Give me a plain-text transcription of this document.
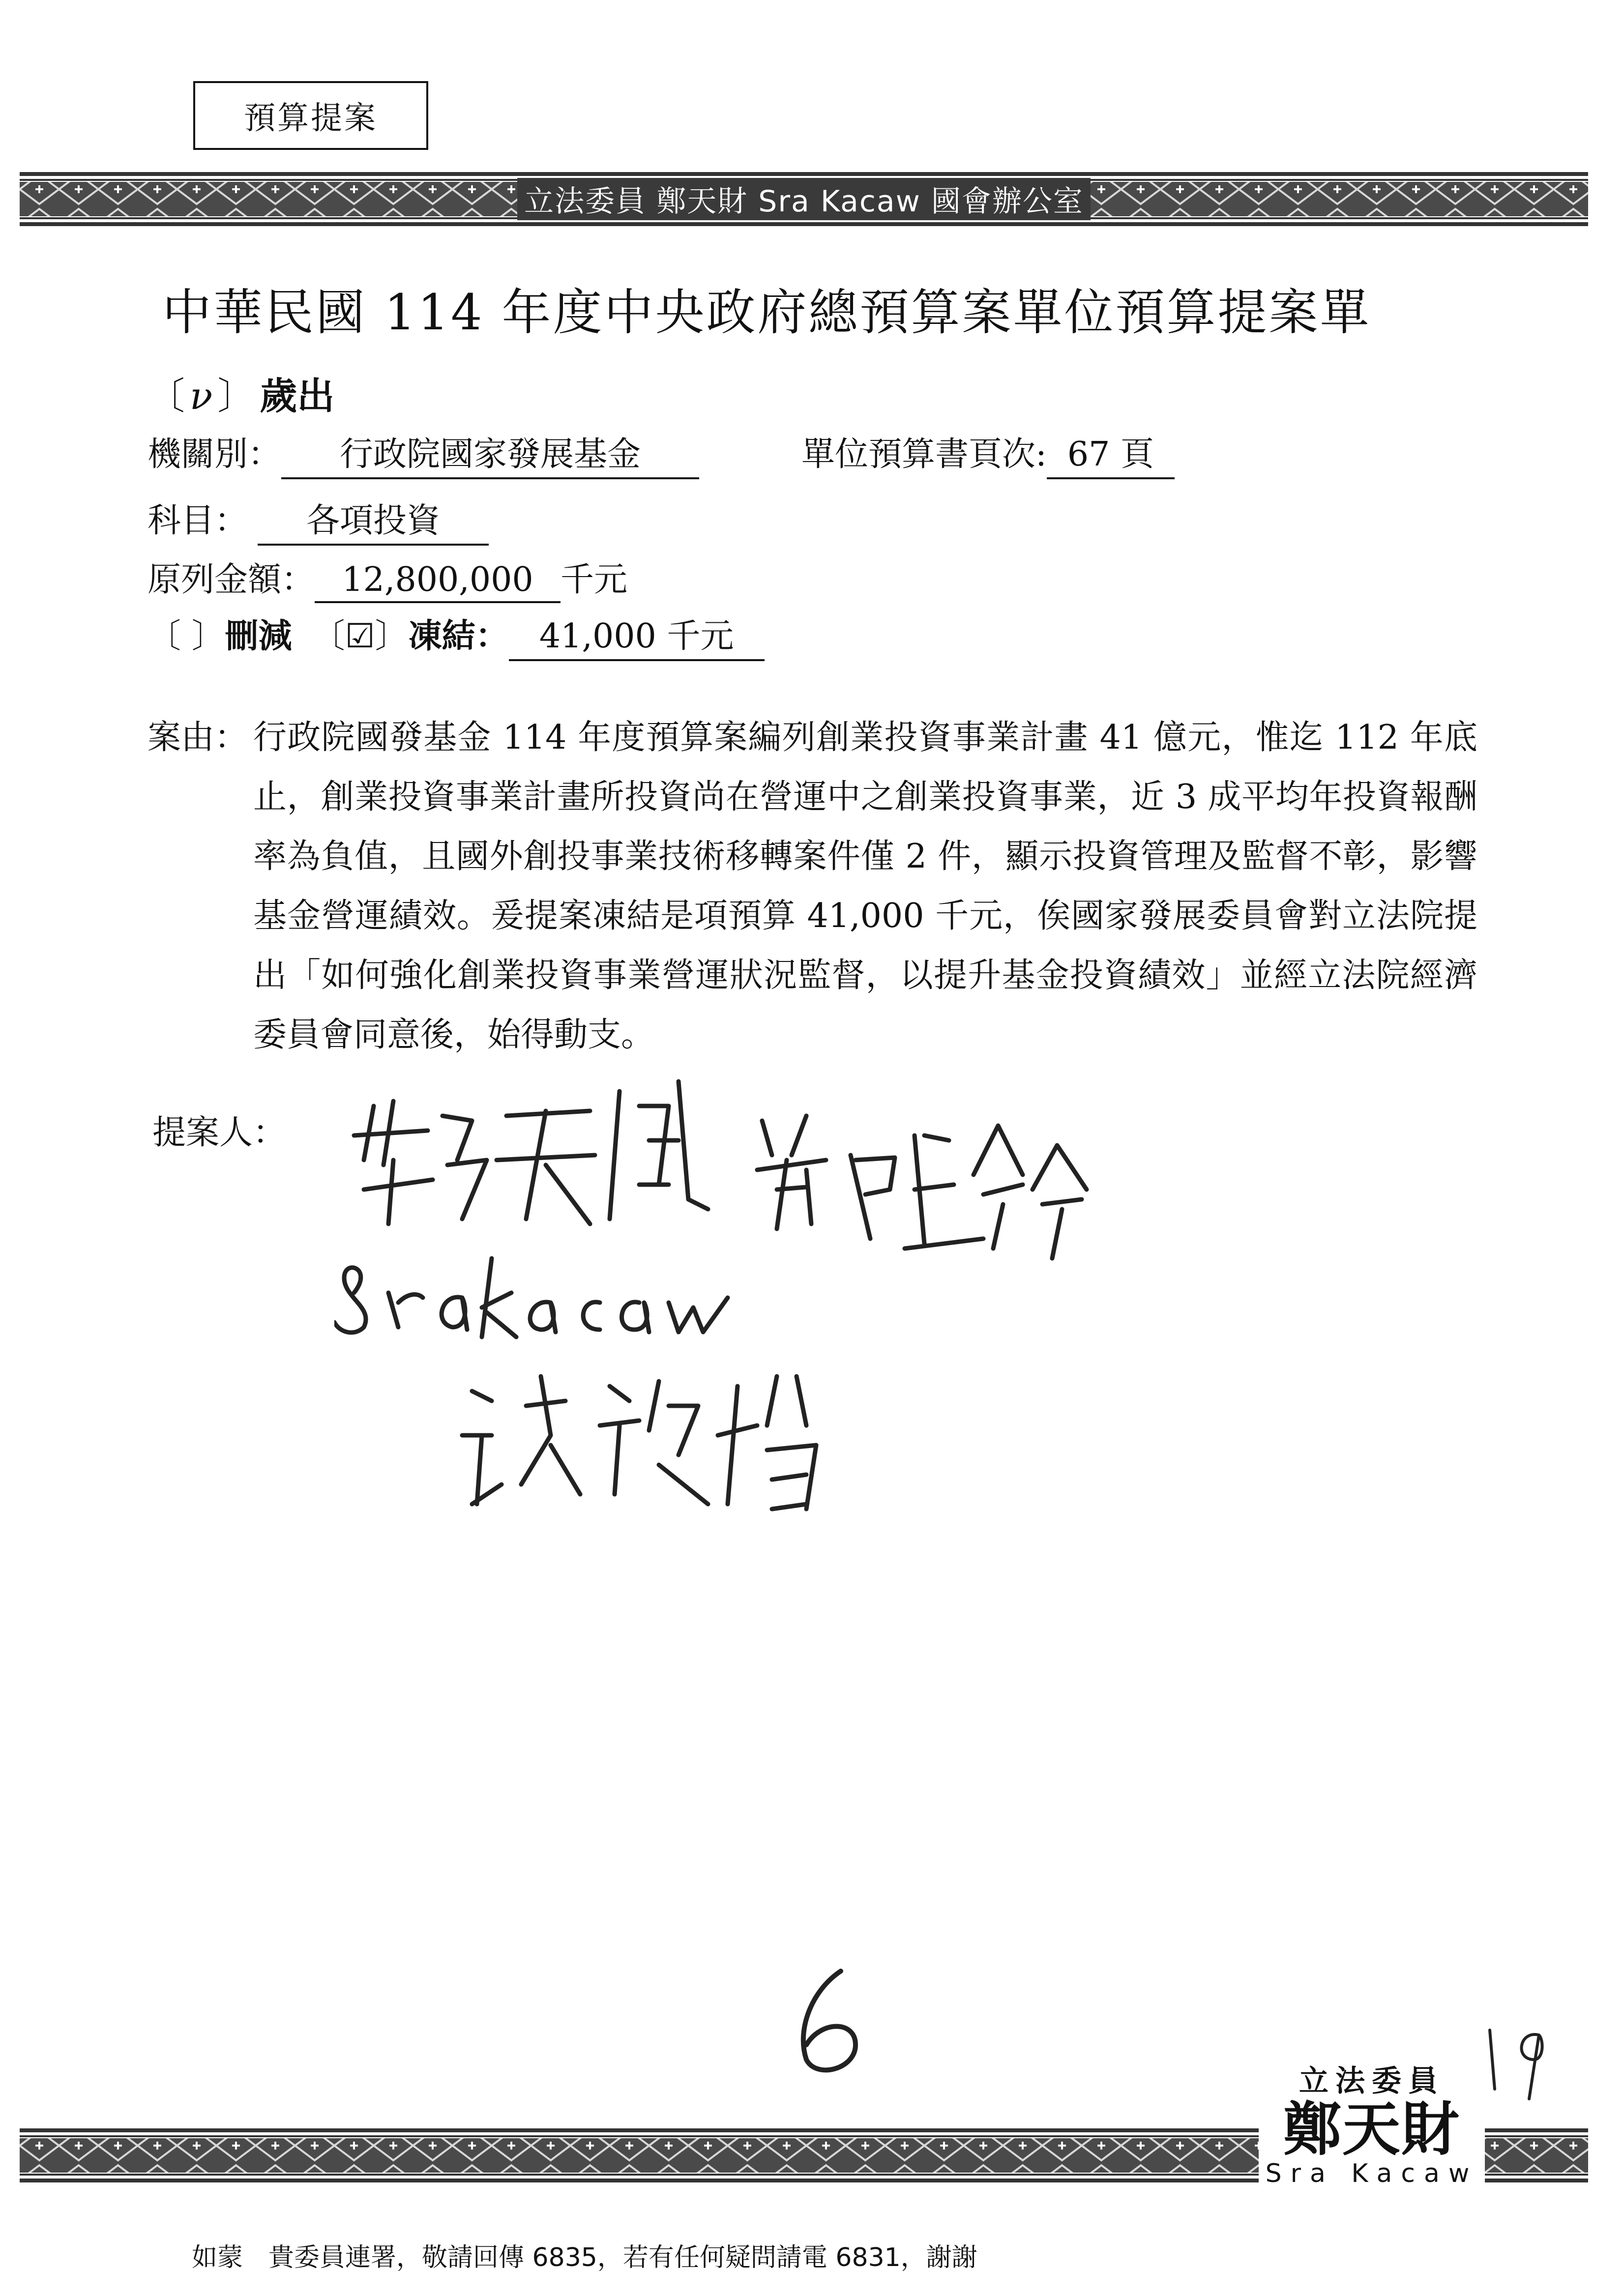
預算提案
立法委員 鄭天財 Sra Kacaw 國會辦公室
中華民國 114 年度中央政府總預算案單位預算提案單
〔 ν 〕 歲出
機關別：	行政院國家發展基金	單位預算書頁次: 67 頁
科目：	各項投資
原列金額： 12,800,000 千元
〔 〕 刪減 〔☑〕 凍結： 41,000 千元
案由： 行政院國發基金 114 年度預算案編列創業投資事業計畫 41 億元，惟迄 112 年底止，創業投資事業計畫所投資尚在營運中之創業投資事業，近 3 成平均年投資報酬率為負值，且國外創投事業技術移轉案件僅 2 件，顯示投資管理及監督不彰，影響基金營運績效。爰提案凍結是項預算 41,000 千元，俟國家發展委員會對立法院提出「如何強化創業投資事業營運狀況監督，以提升基金投資績效」並經立法院經濟委員會同意後，始得動支。
提案人：
立法委員
鄭天財
Sra Kacaw
如蒙　貴委員連署，敬請回傳 6835，若有任何疑問請電 6831，謝謝
